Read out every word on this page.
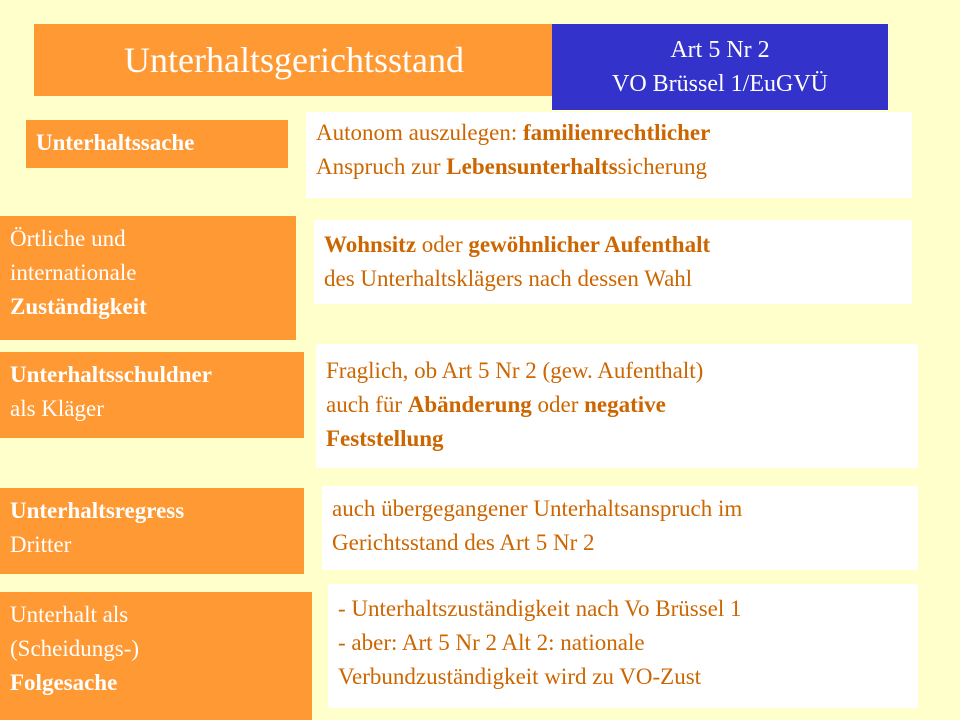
Unterhaltsgerichtsstand	Art 5 Nr 2
VO Brüssel 1/EuGVÜ
Unterhaltssache	Autonom auszulegen: familienrechtlicher
Anspruch zur Lebensunterhaltssicherung
Örtliche und
internationale
Zuständigkeit
Wohnsitz oder gewöhnlicher Aufenthalt
des Unterhaltsklägers nach dessen Wahl
Unterhaltsschuldner
als Kläger
Fraglich, ob Art 5 Nr 2 (gew. Aufenthalt)
auch für Abänderung oder negative
Feststellung
Unterhaltsregress
Dritter
auch übergegangener Unterhaltsanspruch im
Gerichtsstand des Art 5 Nr 2
Unterhalt als
(Scheidungs-)
Folgesache
- Unterhaltszuständigkeit nach Vo Brüssel 1
- aber: Art 5 Nr 2 Alt 2: nationale
Verbundzuständigkeit wird zu VO-Zust
